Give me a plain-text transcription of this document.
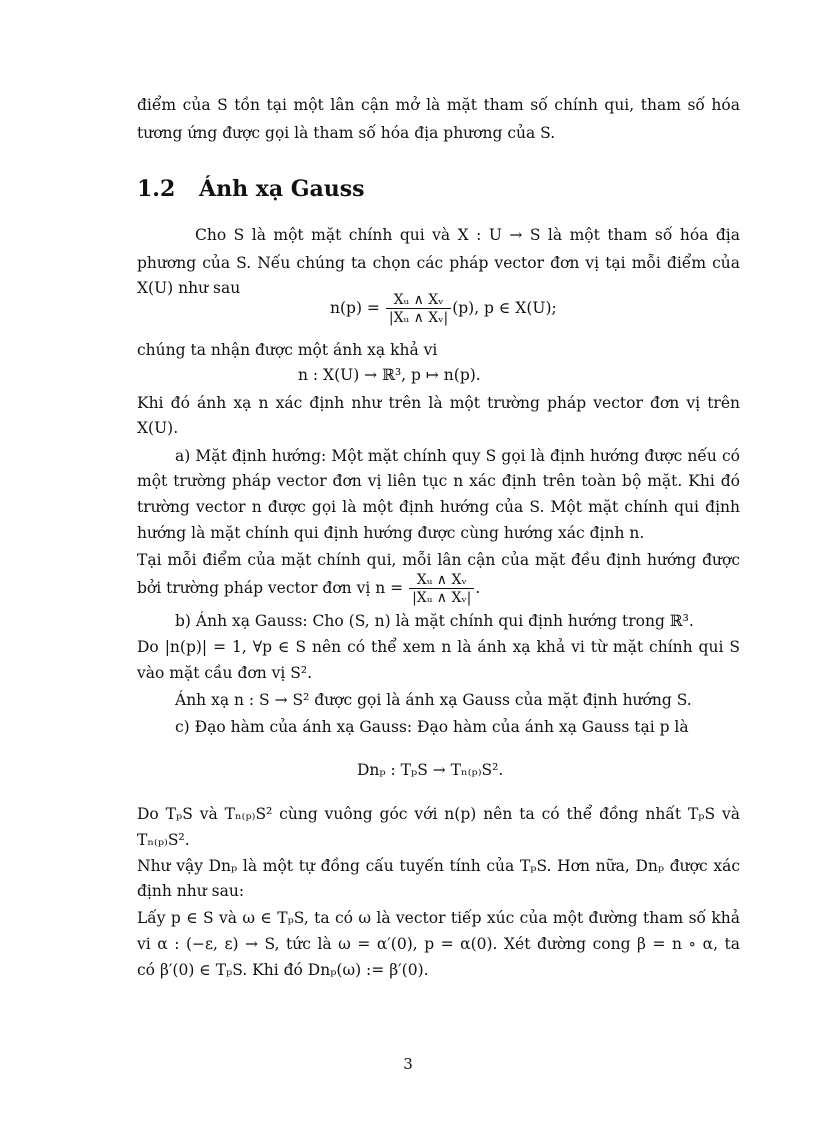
điểm của S tồn tại một lân cận mở là mặt tham số chính qui, tham số hóa
tương ứng được gọi là tham số hóa địa phương của S.
1.2 Ánh xạ Gauss
Cho S là một mặt chính qui và X : U → S là một tham số hóa địa
phương của S. Nếu chúng ta chọn các pháp vector đơn vị tại mỗi điểm của
X(U) như sau
$n(p) = \frac{\text{Xᵤ ∧ Xᵥ}}{\text{|Xᵤ ∧ Xᵥ|}} (p)$, p ∈ X(U);
chúng ta nhận được một ánh xạ khả vi
n : X(U) → ℝ³, p ↦ n(p).
Khi đó ánh xạ n xác định như trên là một trường pháp vector đơn vị trên
X(U).
a) Mặt định hướng: Một mặt chính quy S gọi là định hướng được nếu có
một trường pháp vector đơn vị liên tục n xác định trên toàn bộ mặt. Khi đó
trường vector n được gọi là một định hướng của S. Một mặt chính qui định
hướng là mặt chính qui định hướng được cùng hướng xác định n.
Tại mỗi điểm của mặt chính qui, mỗi lân cận của mặt đều định hướng được
bởi trường pháp vector đơn vị $n = \frac{\text{Xᵤ ∧ Xᵥ}}{\text{|Xᵤ ∧ Xᵥ|}}$ .
b) Ánh xạ Gauss: Cho (S, n) là mặt chính qui định hướng trong ℝ³.
Do |n(p)| = 1, ∀p ∈ S nên có thể xem n là ánh xạ khả vi từ mặt chính qui S
vào mặt cầu đơn vị S².
Ánh xạ n : S → S² được gọi là ánh xạ Gauss của mặt định hướng S.
c) Đạo hàm của ánh xạ Gauss: Đạo hàm của ánh xạ Gauss tại p là
Dnₚ : TₚS → Tₙ₍ₚ₎S².
Do TₚS và Tₙ₍ₚ₎S² cùng vuông góc với n(p) nên ta có thể đồng nhất TₚS và
Tₙ₍ₚ₎S².
Như vậy Dnₚ là một tự đồng cấu tuyến tính của TₚS. Hơn nữa, Dnₚ được xác
định như sau:
Lấy p ∈ S và ω ∈ TₚS, ta có ω là vector tiếp xúc của một đường tham số khả
vi α : (−ε, ε) → S, tức là ω = α′(0), p = α(0). Xét đường cong β = n ∘ α, ta
có β′(0) ∈ TₚS. Khi đó Dnₚ(ω) := β′(0).
3
